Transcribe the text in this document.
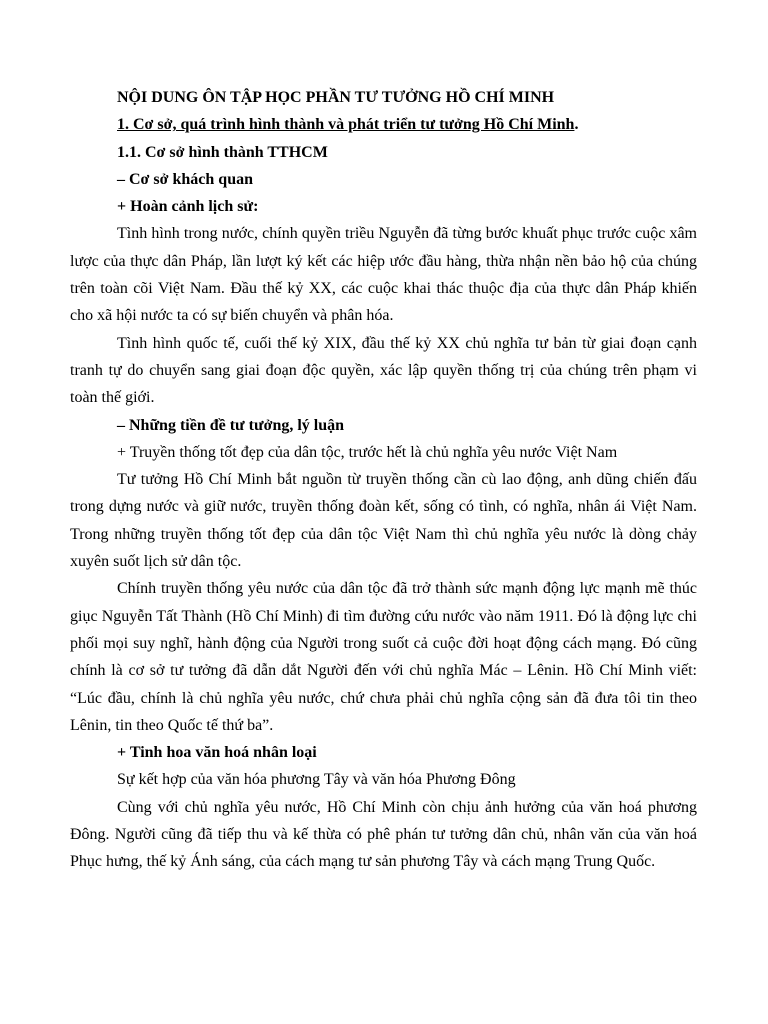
NỘI DUNG ÔN TẬP HỌC PHẦN TƯ TƯỞNG HỒ CHÍ MINH

1. Cơ sở, quá trình hình thành và phát triển tư tưởng Hồ Chí Minh.

1.1. Cơ sở hình thành TTHCM

– Cơ sở khách quan

+ Hoàn cảnh lịch sử:

Tình hình trong nước, chính quyền triều Nguyễn đã từng bước khuất phục trước cuộc xâm lược của thực dân Pháp, lần lượt ký kết các hiệp ước đầu hàng, thừa nhận nền bảo hộ của chúng trên toàn cõi Việt Nam. Đầu thế kỷ XX, các cuộc khai thác thuộc địa của thực dân Pháp khiến cho xã hội nước ta có sự biến chuyển và phân hóa.

Tình hình quốc tế, cuối thế kỷ XIX, đầu thế kỷ XX chủ nghĩa tư bản từ giai đoạn cạnh tranh tự do chuyển sang giai đoạn độc quyền, xác lập quyền thống trị của chúng trên phạm vi toàn thế giới.

– Những tiền đề tư tưởng, lý luận

+ Truyền thống tốt đẹp của dân tộc, trước hết là chủ nghĩa yêu nước Việt Nam

Tư tưởng Hồ Chí Minh bắt nguồn từ truyền thống cần cù lao động, anh dũng chiến đấu trong dựng nước và giữ nước, truyền thống đoàn kết, sống có tình, có nghĩa, nhân ái Việt Nam. Trong những truyền thống tốt đẹp của dân tộc Việt Nam thì chủ nghĩa yêu nước là dòng chảy xuyên suốt lịch sử dân tộc.

Chính truyền thống yêu nước của dân tộc đã trở thành sức mạnh động lực mạnh mẽ thúc giục Nguyễn Tất Thành (Hồ Chí Minh) đi tìm đường cứu nước vào năm 1911. Đó là động lực chi phối mọi suy nghĩ, hành động của Người trong suốt cả cuộc đời hoạt động cách mạng. Đó cũng chính là cơ sở tư tưởng đã dẫn dắt Người đến với chủ nghĩa Mác – Lênin. Hồ Chí Minh viết: “Lúc đầu, chính là chủ nghĩa yêu nước, chứ chưa phải chủ nghĩa cộng sản đã đưa tôi tin theo Lênin, tin theo Quốc tế thứ ba”.

+ Tinh hoa văn hoá nhân loại

Sự kết hợp của văn hóa phương Tây và văn hóa Phương Đông

Cùng với chủ nghĩa yêu nước, Hồ Chí Minh còn chịu ảnh hưởng của văn hoá phương Đông. Người cũng đã tiếp thu và kế thừa có phê phán tư tưởng dân chủ, nhân văn của văn hoá Phục hưng, thế kỷ Ánh sáng, của cách mạng tư sản phương Tây và cách mạng Trung Quốc.
